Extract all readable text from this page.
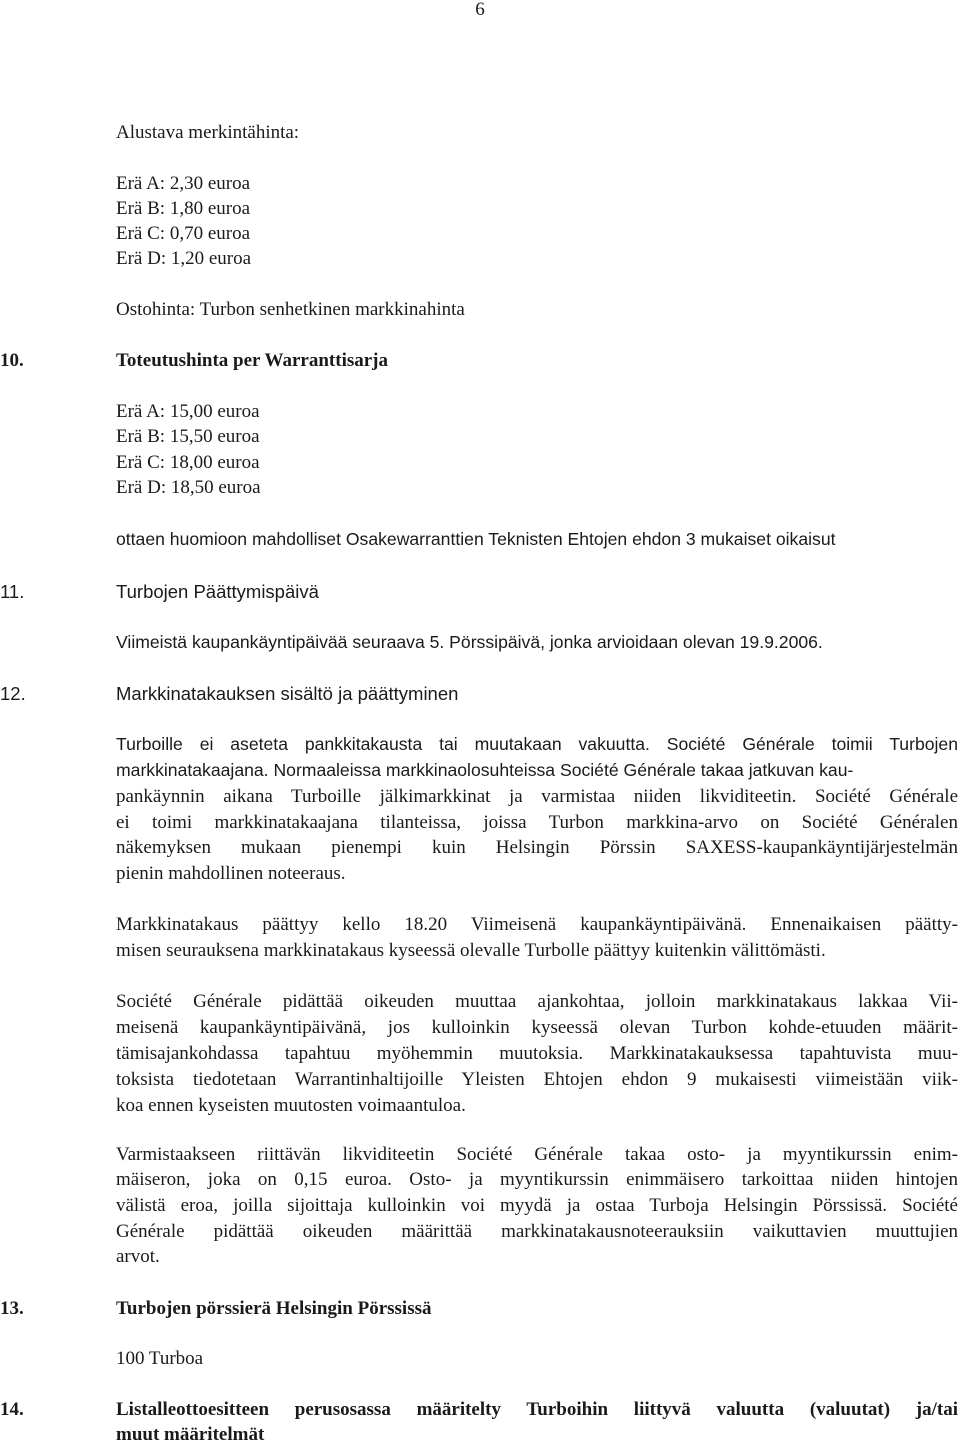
6
Alustava merkintähinta:
Erä A: 2,30 euroa
Erä B: 1,80 euroa
Erä C: 0,70 euroa
Erä D: 1,20 euroa
Ostohinta: Turbon senhetkinen markkinahinta
10.	Toteutushinta per Warranttisarja
Erä A: 15,00 euroa
Erä B: 15,50 euroa
Erä C: 18,00 euroa
Erä D: 18,50 euroa
ottaen huomioon mahdolliset Osakewarranttien Teknisten Ehtojen ehdon 3 mukaiset oikaisut
11.	Turbojen Päättymispäivä
Viimeistä kaupankäyntipäivää seuraava 5. Pörssipäivä, jonka arvioidaan olevan 19.9.2006.
12.	Markkinatakauksen sisältö ja päättyminen
Turboille ei aseteta pankkitakausta tai muutakaan vakuutta. Société Générale toimii Turbojen
markkinatakaajana. Normaaleissa markkinaolosuhteissa Société Générale takaa jatkuvan kau-
pankäynnin aikana Turboille jälkimarkkinat ja varmistaa niiden likviditeetin. Société Générale
ei toimi markkinatakaajana tilanteissa, joissa Turbon markkina-arvo on Société Généralen
näkemyksen mukaan pienempi kuin Helsingin Pörssin SAXESS-kaupankäyntijärjestelmän
pienin mahdollinen noteeraus.
Markkinatakaus päättyy kello 18.20 Viimeisenä kaupankäyntipäivänä. Ennenaikaisen päätty-
misen seurauksena markkinatakaus kyseessä olevalle Turbolle päättyy kuitenkin välittömästi.
Société Générale pidättää oikeuden muuttaa ajankohtaa, jolloin markkinatakaus lakkaa Vii-
meisenä kaupankäyntipäivänä, jos kulloinkin kyseessä olevan Turbon kohde-etuuden määrit-
tämisajankohdassa tapahtuu myöhemmin muutoksia. Markkinatakauksessa tapahtuvista muu-
toksista tiedotetaan Warrantinhaltijoille Yleisten Ehtojen ehdon 9 mukaisesti viimeistään viik-
koa ennen kyseisten muutosten voimaantuloa.
Varmistaakseen riittävän likviditeetin Société Générale takaa osto- ja myyntikurssin enim-
mäiseron, joka on 0,15 euroa. Osto- ja myyntikurssin enimmäisero tarkoittaa niiden hintojen
välistä eroa, joilla sijoittaja kulloinkin voi myydä ja ostaa Turboja Helsingin Pörssissä. Société
Générale pidättää oikeuden määrittää markkinatakausnoteerauksiin vaikuttavien muuttujien
arvot.
13.	Turbojen pörssierä Helsingin Pörssissä
100 Turboa
14.	Listalleottoesitteen perusosassa määritelty Turboihin liittyvä valuutta (valuutat) ja/tai
muut määritelmät
